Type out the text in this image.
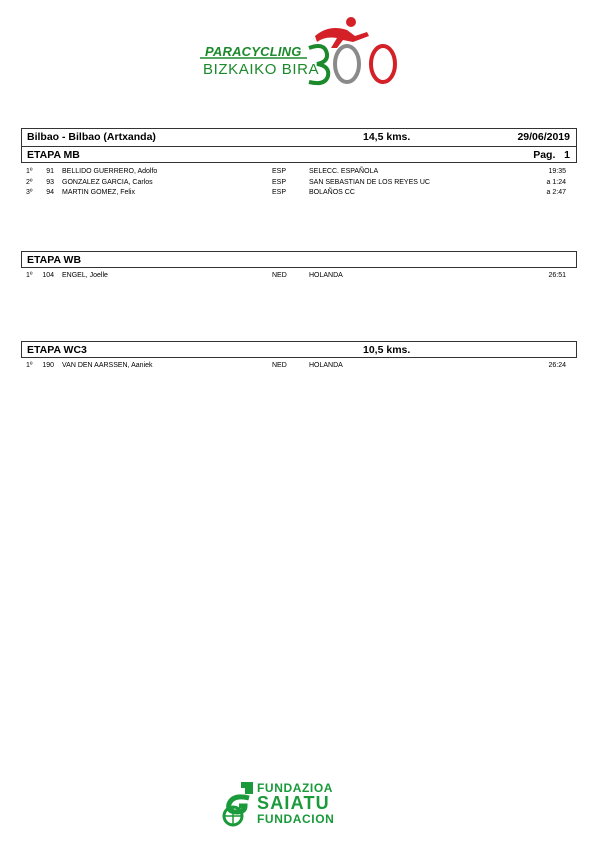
PARACYCLING
BIZKAIKO BIRA
Bilbao - Bilbao (Artxanda)	14,5 kms.	29/06/2019
ETAPA MB	Pag. 1
1º	91 BELLIDO GUERRERO, Adolfo	ESP	SELECC. ESPAÑOLA	19:35
2º	93 GONZALEZ GARCIA, Carlos	ESP	SAN SEBASTIAN DE LOS REYES UC	a 1:24
3º	94 MARTIN GOMEZ, Felix	ESP	BOLAÑOS CC	a 2:47
ETAPA WB
1º	104 ENGEL, Joelle	NED	HOLANDA	26:51
ETAPA WC3	10,5 kms.
1º	190 VAN DEN AARSSEN, Aaniek	NED	HOLANDA	26:24
FUNDAZIOA
SAIATU
FUNDACION
